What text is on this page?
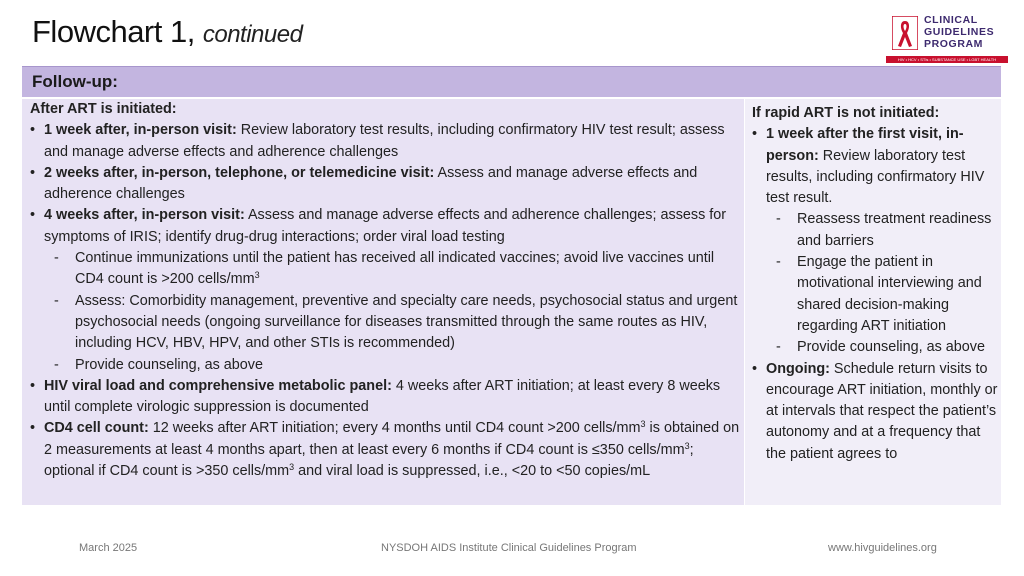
Flowchart 1, continued
CLINICAL
GUIDELINES
PROGRAM
HIV • HCV • STIs • SUBSTANCE USE • LGBT HEALTH
Follow-up:
After ART is initiated:
• 1 week after, in-person visit: Review laboratory test results, including confirmatory HIV test result; assess and manage adverse effects and adherence challenges
• 2 weeks after, in-person, telephone, or telemedicine visit: Assess and manage adverse effects and adherence challenges
• 4 weeks after, in-person visit: Assess and manage adverse effects and adherence challenges; assess for symptoms of IRIS; identify drug-drug interactions; order viral load testing
- Continue immunizations until the patient has received all indicated vaccines; avoid live vaccines until CD4 count is >200 cells/$mm^3$
- Assess: Comorbidity management, preventive and specialty care needs, psychosocial status and urgent psychosocial needs (ongoing surveillance for diseases transmitted through the same routes as HIV, including HCV, HBV, HPV, and other STIs is recommended)
- Provide counseling, as above
• HIV viral load and comprehensive metabolic panel: 4 weeks after ART initiation; at least every 8 weeks until complete virologic suppression is documented
• CD4 cell count: 12 weeks after ART initiation; every 4 months until CD4 count >200 cells/$mm^3$ is obtained on 2 measurements at least 4 months apart, then at least every 6 months if CD4 count is ≤350 cells/$mm^3$; optional if CD4 count is >350 cells/$mm^3$ and viral load is suppressed, i.e., <20 to <50 copies/mL
If rapid ART is not initiated:
• 1 week after the first visit, in-person: Review laboratory test results, including confirmatory HIV test result.
- Reassess treatment readiness and barriers
- Engage the patient in motivational interviewing and shared decision-making regarding ART initiation
- Provide counseling, as above
• Ongoing: Schedule return visits to encourage ART initiation, monthly or at intervals that respect the patient’s autonomy and at a frequency that the patient agrees to
March 2025	NYSDOH AIDS Institute Clinical Guidelines Program	www.hivguidelines.org
